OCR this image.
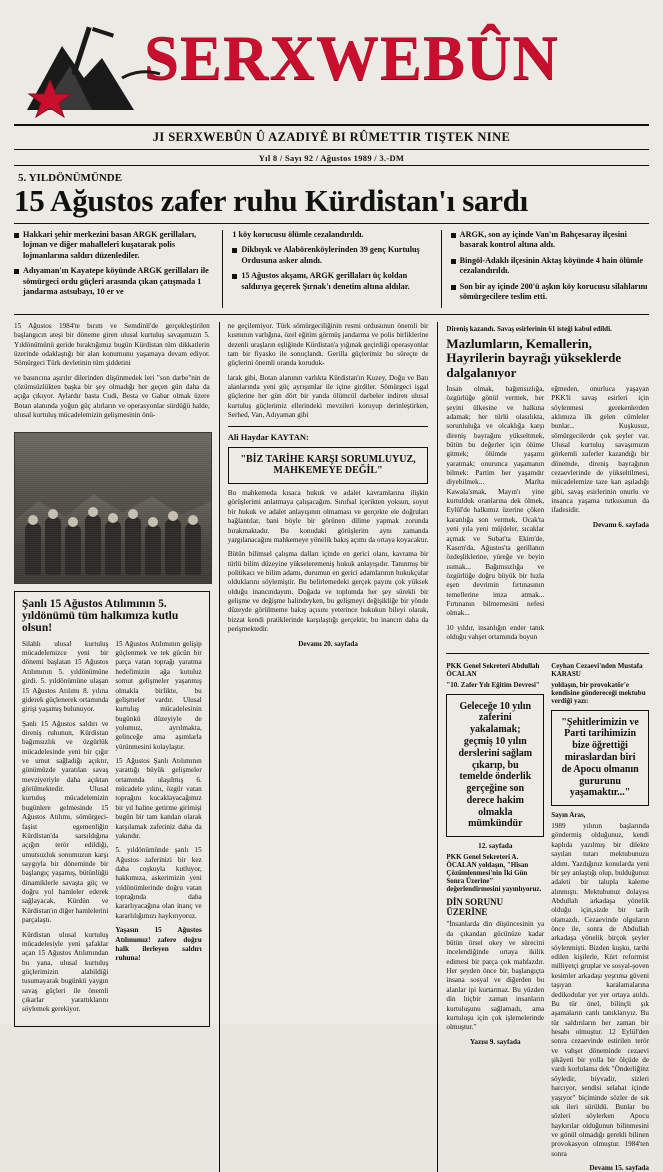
SERXWEBÛN
JI SERXWEBÛN Û AZADIYÊ BI RÛMETTIR TIŞTEK NINE
Yıl 8 / Sayı 92 / Ağustos 1989 / 3.-DM
5. YILDÖNÜMÜNDE
15 Ağustos zafer ruhu Kürdistan'ı sardı
Hakkari şehir merkezini basan ARGK gerillaları, lojman ve diğer mahalleleri kuşatarak polis lojmanlarına saldırı düzenlediler.
Adıyaman'ın Kayatepe köyünde ARGK gerillaları ile sömürgeci ordu güçleri arasında çıkan çatışmada 1 jandarma astsubayı, 10 er ve
1 köy korucusu ölümle cezalandırıldı.
Dikbıyık ve Alabörenköylerinden 39 genç Kurtuluş Ordusuna asker alındı.
15 Ağustos akşamı, ARGK gerillaları üç koldan saldırıya geçerek Şırnak'ı denetim altına aldılar.
ARGK, son ay içinde Van'ın Bahçesaray ilçesini basarak kontrol altına aldı.
Bingöl-Adaklı ilçesinin Aktaş köyünde 4 hain ölümle cezalandırıldı.
Son bir ay içinde 200'ü aşkın köy korucusu silahlarını sömürgecilere teslim etti.

15 Ağustos 1984'te bırım ve Semdinli'de gerçekleştirilen başlangıcın ateşi bir döneme giren ulusal kurtuluş savaşımızın 5. Yıldönümünü geride bıraktığımız bugün Kürdistan tüm dikkatlerin üzerinde odaklaştığı bir alan konumunu yaşamaya devam ediyor. Sömürgeci Türk devletinin tüm şiddetini

ve basıncına aşırılır dilerinden düşünmedek leri "son darbe"nin de çözümsüzlükten başka bir şey olmadığı her geçen gün daha da açığa çıkıyor. Aylardır basta Cudi, Besta ve Gabar olmak üzere Botan alanında yoğun güç alırların ve operasyonlar sürdüğü halde, ulusal kurtuluş mücadelemizin gelişmesinin önü-

Şanlı 15 Ağustos Atılımının 5. yıldönümü tüm halkımıza kutlu olsun!

Silahlı ulusal kurtuluş mücadelemizce yeni bir dönemi başlatan 15 Ağustos Atılımının 5. yıldönümüne girdi. 5. yıldönümüne ulaşan 15 Ağustos Atılımı 8. yılına giderek güçlenerek ortamında girişi yaşamış bulunuyor.

Şanlı 15 Ağustos saldırı ve direniş ruhunun, Kürdistan bağımsızlık ve özgürlük mücadelesinde yeni bir çığır ve umut sağladığı açıktır, günümüzde yaratılan savaş mevziyeriyle daha açıktan görülmektedir. Ulusal kurtuluş mücadelemizin bugünlere gelmesinde 15 Ağustos Atılımı, sömürgeci-faşist egemenliğin Kürdistan'da sarsıldığına açığın terör edildiği, umutsuzluk sonumuzun karşı saygıyla bir döneminde bir başlangıç yaşamış, bütünlüğü dinamiklerle savaşta güç ve doğru yol hamleler ederek sağlayacak, Kürdün ve Kürdistan'ın diğer hamlelerini parçalaştı.

Kürdistan ulusal kurtuluş mücadelesiyle yeni şafaklar açan 15 Ağustos Atılımından bu yana, ulusal kurtuluş güçlerimizin alabildiği tusumayarak bugünkü yaygın savaş güçleri ile önemli çıkarlar yarattıklarını söylemek gerekiyor.

15 Ağustos Atılımının gelişip güçlenmek ve tek gücün bir parça vatan toprağı yaratma hedefimizin ağa kutuluz somut gelişmeler yaşanmış olmakla birlikte, bu gelişmeler vardır. Ulusal kurtuluş mücadelesinin bugünkü düzeyiyle de yolumuz, ayrılmakta, gelinceğe ama aşımlarla yürünmesini kolaylaştır.

15 Ağustos Şanlı Atılımının yarattığı büyük gelişmeler ortamında ulaşılmış 6. mücadele yılını, özgür vatan toprağını kucaklayacağımız bir yıl haline getirme girimişi bugün bir tam kandan olarak karşılamak zaferiniz daha da yakındır.

5. yıldönümünde şanlı 15 Ağustos zaferinizi bir kez daha coşkuyla kutluyor, hakkımıza, askerimizin yeni yıldönümlerinde doğru vatan toprağında daha kararlıyacağına olan inanç ve kararlılığımızı haykırıyoruz.

Yaşasın 15 Ağustos Atılımımız! zafere doğru halk ilerleyen saldırı ruhuna!

ne geçilemiyor. Türk sömürgeciliğinin resmi ordusunun önemli bir kısmının varlığına, özel eğitim görmüş jandarma ve polis birliklerine dezenli uraşların eşliğinde Kürdistan'a yığınak geçirdiği operasyonlar tam bir fiyasko ile sonuçlandı. Gerilla güçlerimiz bu süreçte de güçlerini önemli oranda koruduk-

larak gibi, Botan alanının varlıkta Kürdistan'ın Kuzey, Doğu ve Batı alanlarında yeni güç ayrışımlar ile içine girdiler. Sömürgeci işgal güçlerine her gün dört bir yanda ölümcül darbeler indiren ulusal kurtuluş güçlerimiz ellerindeki mevzileri koruyup derinleştirken, Serhed, Van, Adıyaman gibi

Ali Haydar KAYTAN:
"BİZ TARİHE KARŞI SORUMLUYUZ, MAHKEMEYE DEĞİL"

Bu mahkemeda kısaca hukuk ve adalet kavramlarına ilişkin görüşlerimi anlatmaya çalışacağım. Sınıfsal içerikten yoksun, soyut bir hukuk ve adalet anlayışının olmaması ve gerçekte ele doğruları bağlantılar, bani böyle bir görünen dilime yapmak zorunda bırakmaktadır. Bu konudaki görüşlerim aynı zamanda yargılanacağını mahkemeye yönelik bakış açımı da ortaya koyacaktır.

Bütün bilimsel çalışma dalları içinde en gerici olanı, kavrama bir türlü bilim düzeyine yükseleremeniş hukuk anlayışıdır. Tanınmış bir politikacı ve bilim adamı, durumun en gerici adamlarının hukukçular olduklarını söylemiştir. Bu belirlemedeki gerçek payını çok yüksek olduğu inancındayım. Doğada ve toplumda her şey sürekli bir gelişme ve değişme halindeyken, bu gelişmeyi değişikliğe bir yönde düzeyde görülmeme bakış açısını yeterince hukukun bileyi olarak, bizzat kendi pratiklerinde karşılaştığı gerçektir, bu inancın daha da perişmektedir.

Devamı 20. sayfada
Direniş kazandı. Savaş esirlerinin 61 isteği kabul edildi.
Mazlumların, Kemallerin, Hayrilerin bayrağı yükseklerde dalgalanıyor

İnsan olmak, bağımsızlığa, özgürlüğe gönül vermek, her şeyini ülkesine ve halkına adamak; her türlü olasılıkta, sorunluluğa ve olcaklığa karşı direniş bayrağını yükseltmek, bütün bu değerler için ölüme gitmek; ölümde yaşamı yaratmak; onurunca yaşamanın bilmek: Partim her yaşamdır diyebilmek... Marlta Kawala'smak, Mayın'ı yine kurtulduk oranlarına dek ölmek, Eylül'de halkımız üzerine çöken karanlığa son vermek, Ocak'ta yeni yıla yeni müjdeler, sıcaklar açmak ve Subat'ta Ekim'de, Kasım'da, Ağustos'ta gerillanın özdeşliklerine, yüreğe ve beyin ısımak... Bağımsızlığa ve özgürlüğe doğru büyük bir hızla eşen devrimin fırtınasının temellerine imza atmak... Fırtınanın bilmemesini nefesi olmak...

10 yıldır, insanlığın ender tanık olduğu vahşet ortamında boyun

eğmeden, onurluca yaşayan PKK'li savaş esirleri için söylenmesi gerekenlerden aklımıza ilk gelen cümleler bunlar... Kuşkusuz, sömürgecilerde çok şeyler var. Ulusal kurtuluş savaşımızın görkemli zaferler kazandığı bir dönemde, direniş bayrağının cezaevlerinde de yükseltilmesi, mücadelemize taze kan aşıladığı gibi, savaş esirlerinin onurlu ve insanca yaşama tutkusunun da ifadesidir.

Devamı 6. sayfada
PKK Genel Sekreteri Abdullah ÖCALAN
"10. Zafer Yılı Eğitim Devresi"
Geleceğe 10 yılın zaferini yakalamak; geçmiş 10 yılın derslerini sağlam çıkarıp, bu temelde önderlik gerçeğine son derece hakim olmakla mümkündür
12. sayfada
PKK Genel Sekreteri A. ÖCALAN yoldaşın, "Hisan Çözümlenmesi'nin İki Gün Sonra Üzerine" değerlendirmesini yayınlıyoruz.
DİN SORUNU ÜZERİNE

"İnsanlarda din düşüncesinin ya da çıkandan gücünüze kadar bütün örsel okey ve sürecini incelendiğinde ortaya ikilik edimesi bir parça çok mahfazdır. Her şeyden önce bir, başlangıçta insana sosyal ve diğerden bu alanlar ipi kurtarmaz. Bu yüzden din hiçbir zaman insanların kurtuluşunu sağlamadı, ama kurtuluşu için çok işlemelerinde olmuştur."

Yazısı 9. sayfada
Ceyhan Cezaevi'nden Mustafa KARASU
yoldaşın, bir provokatör'e kendisine göndereceği mektubu verdiği yazı:
"Şehitlerimizin ve Parti tarihimizin bize öğrettiği miraslardan biri de Apocu olmanın gururunu yaşamaktır..."
Sayın Aras,

1989 yılının başlarında göndermiş olduğunuz, kendi kaplıda yazılmış bir dilekte sayılan tutarı mektubunuzu aldım. Yazdığınız konularda yeni bir şey anlaştığı olup, bulduğunuz adaleti bir talupla kaleme alınmıştı. Mektubunuz dolayısı Abdullah arkadaşa yönelik olduğu için,sizde bir tarih olamazdı. Cezaevinde olguların önce ile, sonra de Abdullah arkadaşa yönelik birçok şeyler söylenmişti. Bizden kuşku, tarihi edilen kişilerle, Kürt reformist milliyetçi gruplar ve sosyal-şoven kesimler arkadaşı yeşrıma güveni taşıyan karalamalarına dedikodular yer yer ortaya atıldı. Bu tür önel, bilinçli şık aşamaların canlı tanıklarıyız. Bu tür saldırıların her zaman bir hesabı olmuştur. 12 Eylül'den sonra cezaevinde estirilen terör ve vahşet döneminde cezaevi şikâyeti bir yolla bir ölçüde de vardı korlulama dek "Önderliğinz söyledir, biyvadir, sizleri harcıyor, sendisi selahat içinde yaşıyor" biçiminde sözler de sık sık ileri sürüldü. Bunlar bu sözleri söylerken Apocu haykırılar olduğunun bilinmesini ve gönül olmadığı gerekli bilinen provokasyon olmuştur. 1984'ten sonra

Devamı 15. sayfada
